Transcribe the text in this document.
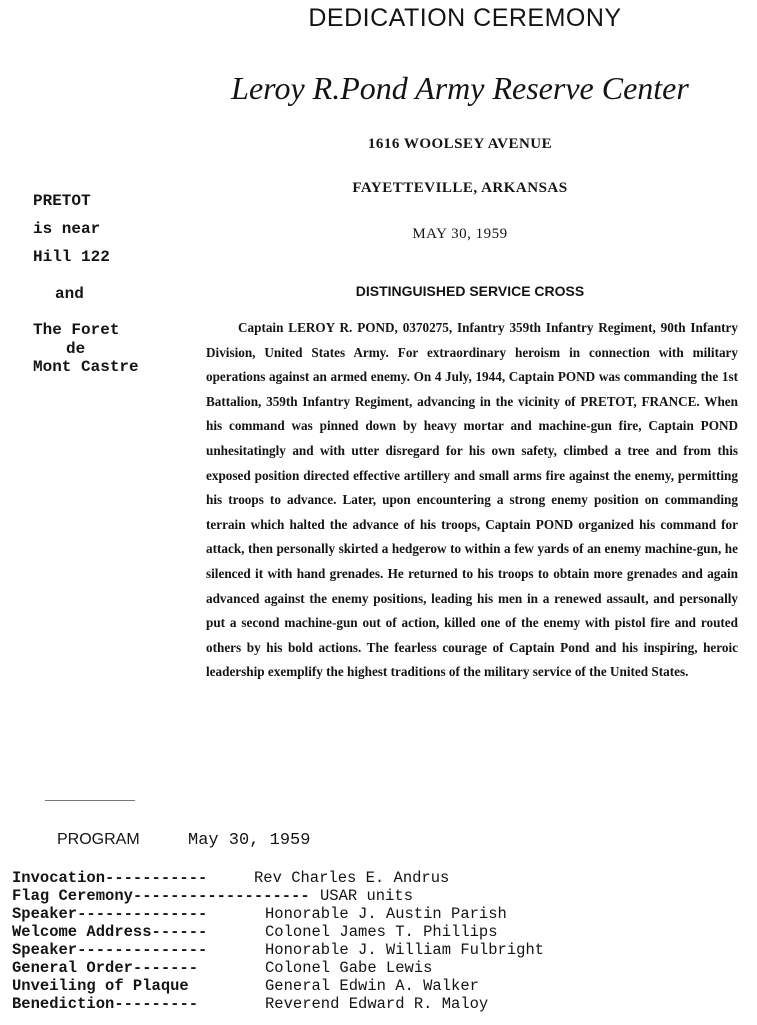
DEDICATION CEREMONY
Leroy R.Pond Army Reserve Center
1616 WOOLSEY AVENUE
FAYETTEVILLE, ARKANSAS
MAY 30, 1959
PRETOT
is near
Hill 122
and
The Foret
de
Mont Castre
DISTINGUISHED SERVICE CROSS
Captain LEROY R. POND, 0370275, Infantry 359th Infantry Regiment, 90th Infantry Division, United States Army. For extraordinary heroism in connection with military operations against an armed enemy. On 4 July, 1944, Captain POND was commanding the 1st Battalion, 359th Infantry Regiment, advancing in the vicinity of PRETOT, FRANCE. When his command was pinned down by heavy mortar and machine-gun fire, Captain POND unhesitatingly and with utter disregard for his own safety, climbed a tree and from this exposed position directed effective artillery and small arms fire against the enemy, permitting his troops to advance. Later, upon encountering a strong enemy position on commanding terrain which halted the advance of his troops, Captain POND organized his command for attack, then personally skirted a hedgerow to within a few yards of an enemy machine-gun, he silenced it with hand grenades. He returned to his troops to obtain more grenades and again advanced against the enemy positions, leading his men in a renewed assault, and personally put a second machine-gun out of action, killed one of the enemy with pistol fire and routed others by his bold actions. The fearless courage of Captain Pond and his inspiring, heroic leadership exemplify the highest traditions of the military service of the United States.
PROGRAM	May 30, 1959
Invocation-----------	Rev Charles E. Andrus
Flag Ceremony------------------- USAR units
Speaker--------------	Honorable J. Austin Parish
Welcome Address------	Colonel James T. Phillips
Speaker--------------	Honorable J. William Fulbright
General Order-------	Colonel Gabe Lewis
Unveiling of Plaque	General Edwin A. Walker
Benediction---------	Reverend Edward R. Maloy
